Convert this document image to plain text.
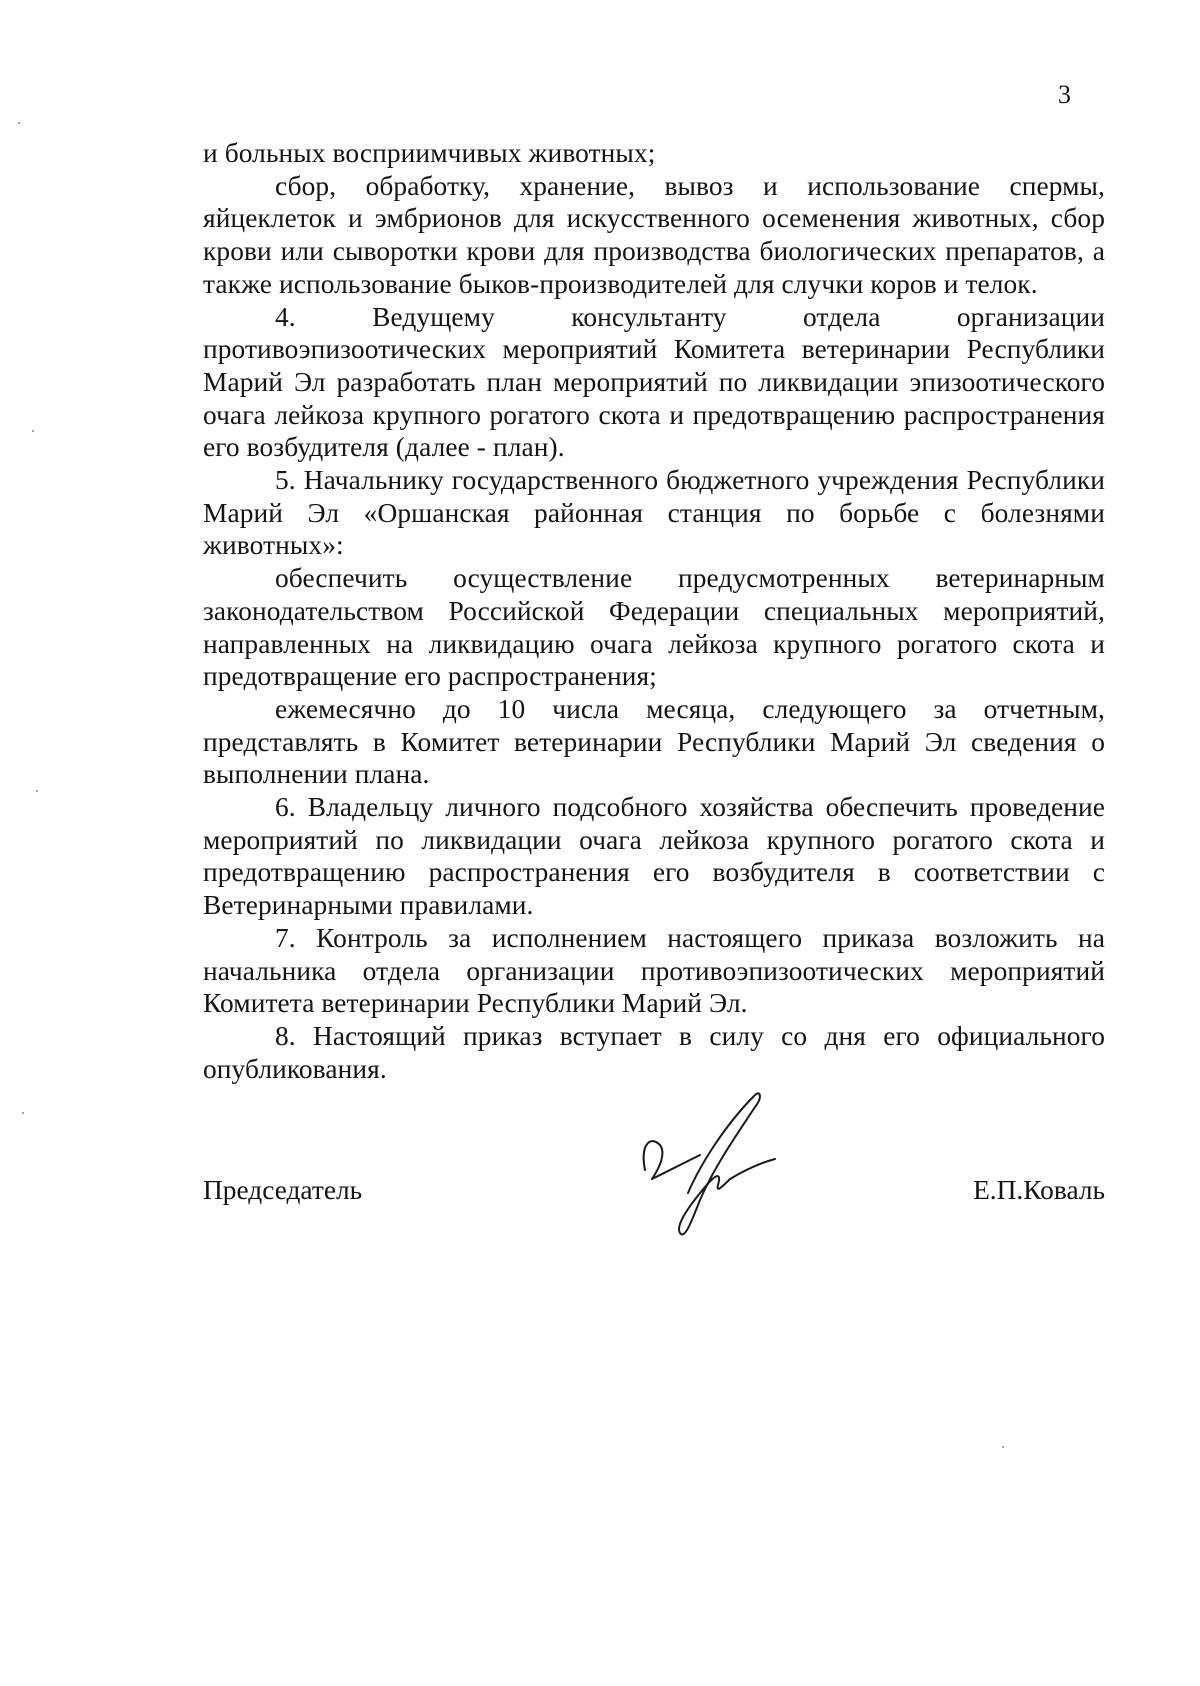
3

и больных восприимчивых животных;

сбор, обработку, хранение, вывоз и использование спермы, яйцеклеток и эмбрионов для искусственного осеменения животных, сбор крови или сыворотки крови для производства биологических препаратов, а также использование быков-производителей для случки коров и телок.

4. Ведущему консультанту отдела организации противоэпизоотических мероприятий Комитета ветеринарии Республики Марий Эл разработать план мероприятий по ликвидации эпизоотического очага лейкоза крупного рогатого скота и предотвращению распространения его возбудителя (далее - план).

5. Начальнику государственного бюджетного учреждения Республики Марий Эл «Оршанская районная станция по борьбе с болезнями животных»:

обеспечить осуществление предусмотренных ветеринарным законодательством Российской Федерации специальных мероприятий, направленных на ликвидацию очага лейкоза крупного рогатого скота и предотвращение его распространения;

ежемесячно до 10 числа месяца, следующего за отчетным, представлять в Комитет ветеринарии Республики Марий Эл сведения о выполнении плана.

6. Владельцу личного подсобного хозяйства обеспечить проведение мероприятий по ликвидации очага лейкоза крупного рогатого скота и предотвращению распространения его возбудителя в соответствии с Ветеринарными правилами.

7. Контроль за исполнением настоящего приказа возложить на начальника отдела организации противоэпизоотических мероприятий Комитета ветеринарии Республики Марий Эл.

8. Настоящий приказ вступает в силу со дня его официального опубликования.

Председатель	Е.П.Коваль
